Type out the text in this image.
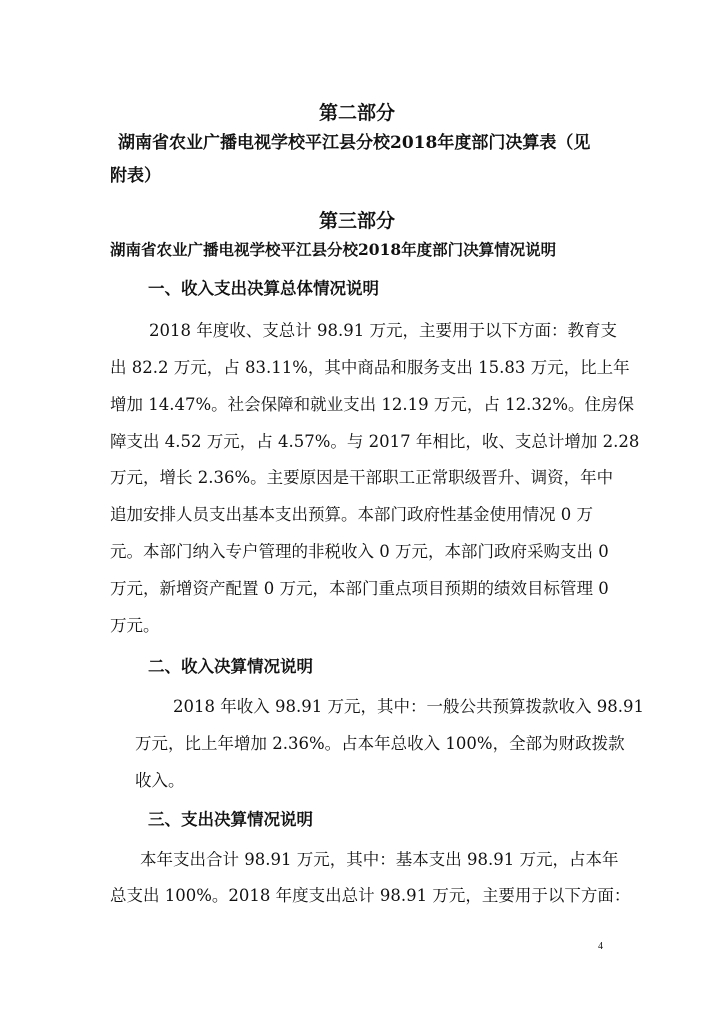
第二部分
湖南省农业广播电视学校平江县分校2018年度部门决算表（见
附表）
第三部分
湖南省农业广播电视学校平江县分校2018年度部门决算情况说明
一、收入支出决算总体情况说明
2018 年度收、支总计 98.91 万元，主要用于以下方面：教育支
出 82.2 万元，占 83.11%，其中商品和服务支出 15.83 万元，比上年
增加 14.47%。社会保障和就业支出 12.19 万元，占 12.32%。住房保
障支出 4.52 万元，占 4.57%。与 2017 年相比，收、支总计增加 2.28
万元，增长 2.36%。主要原因是干部职工正常职级晋升、调资，年中
追加安排人员支出基本支出预算。本部门政府性基金使用情况 0 万
元。本部门纳入专户管理的非税收入 0 万元，本部门政府采购支出 0
万元，新增资产配置 0 万元，本部门重点项目预期的绩效目标管理 0
万元。
二、收入决算情况说明
2018 年收入 98.91 万元，其中：一般公共预算拨款收入 98.91
万元，比上年增加 2.36%。占本年总收入 100%，全部为财政拨款
收入。
三、支出决算情况说明
本年支出合计 98.91 万元，其中：基本支出 98.91 万元，占本年
总支出 100%。2018 年度支出总计 98.91 万元，主要用于以下方面：
4
